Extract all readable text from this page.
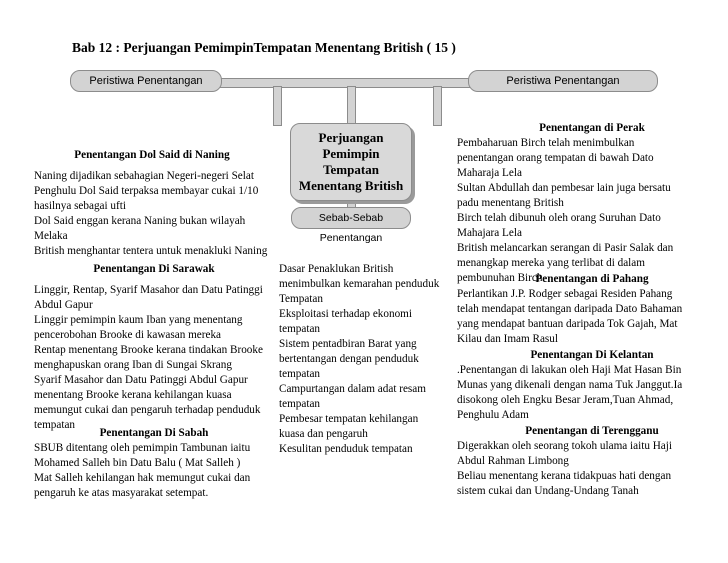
Bab 12 : Perjuangan PemimpinTempatan Menentang British ( 15 )
Peristiwa Penentangan	Peristiwa Penentangan
Perjuangan
Pemimpin
Tempatan
Menentang British
Sebab-Sebab Penentangan
Penentangan Dol Said di Naning
Naning dijadikan sebahagian Negeri-negeri Selat
Penghulu Dol Said terpaksa membayar cukai 1/10
hasilnya sebagai ufti
Dol Said enggan kerana Naning bukan wilayah
Melaka
British menghantar tentera untuk menakluki Naning
Penentangan Di Sarawak
Linggir, Rentap, Syarif Masahor dan Datu Patinggi
Abdul Gapur
Linggir pemimpin kaum Iban yang menentang
pencerobohan Brooke di kawasan mereka
Rentap menentang Brooke kerana tindakan Brooke
menghapuskan orang Iban di Sungai Skrang
Syarif Masahor dan Datu Patinggi Abdul Gapur
menentang Brooke kerana kehilangan kuasa
memungut cukai dan pengaruh terhadap penduduk
tempatan
Penentangan Di Sabah
SBUB ditentang oleh pemimpin Tambunan iaitu
Mohamed Salleh bin Datu Balu ( Mat Salleh )
Mat Salleh kehilangan hak memungut cukai dan
pengaruh ke atas masyarakat setempat.
Dasar Penaklukan British
menimbulkan kemarahan penduduk
Tempatan
Eksploitasi terhadap ekonomi
tempatan
Sistem pentadbiran Barat yang
bertentangan dengan penduduk
tempatan
Campurtangan dalam adat resam
tempatan
Pembesar tempatan kehilangan
kuasa dan pengaruh
Kesulitan penduduk tempatan
Penentangan di Perak
Pembaharuan Birch telah menimbulkan
penentangan orang tempatan di bawah Dato
Maharaja Lela
Sultan Abdullah dan pembesar lain juga bersatu
padu menentang British
Birch telah dibunuh oleh orang Suruhan Dato
Mahajara Lela
British melancarkan serangan di Pasir Salak dan
menangkap mereka yang terlibat di dalam
pembunuhan Birch
Penentangan di Pahang
Perlantikan J.P. Rodger sebagai Residen Pahang
telah mendapat tentangan daripada Dato Bahaman
yang mendapat bantuan daripada Tok Gajah, Mat
Kilau dan Imam Rasul
Penentangan Di Kelantan
.Penentangan di lakukan oleh Haji Mat Hasan Bin
Munas yang dikenali dengan nama Tuk Janggut.Ia
disokong oleh Engku Besar Jeram,Tuan Ahmad,
Penghulu Adam
Penentangan di Terengganu
Digerakkan oleh seorang tokoh ulama iaitu Haji
Abdul Rahman Limbong
Beliau menentang kerana tidakpuas hati dengan
sistem cukai dan Undang-Undang Tanah
